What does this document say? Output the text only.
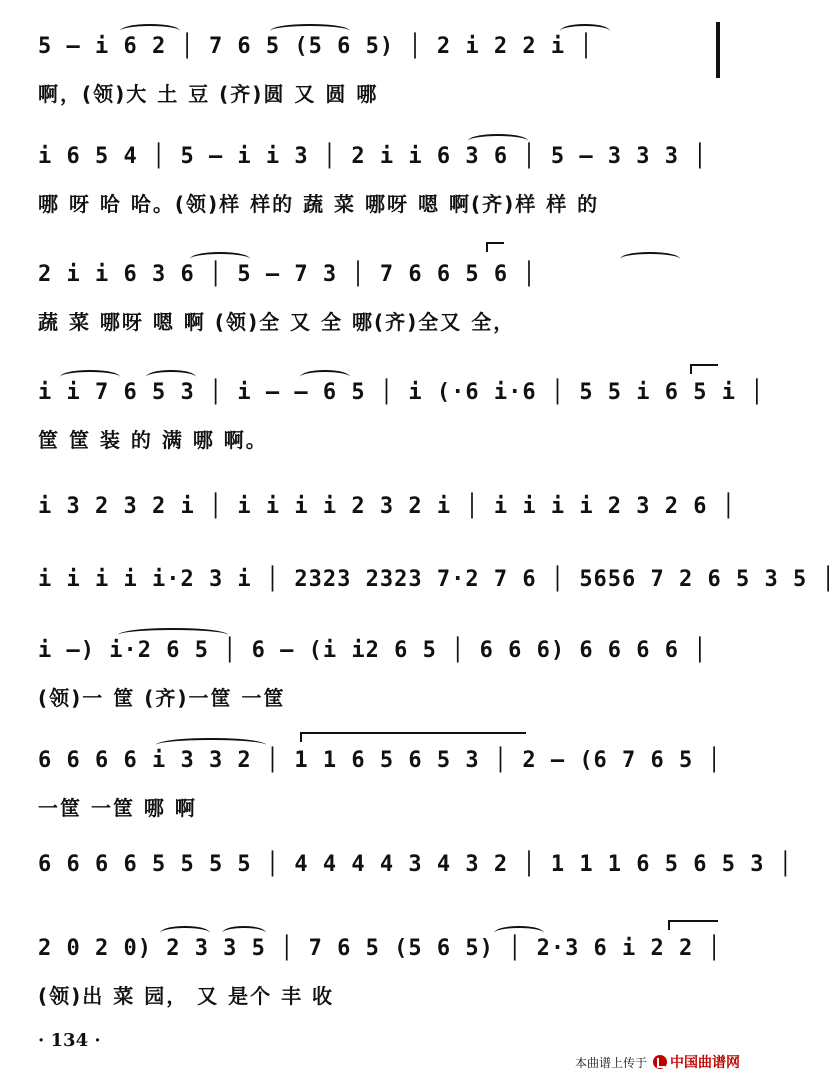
5 — i 6 2 │ 7 6 5 (5 6 5) │ 2 i 2 2 i │
啊，(领)大 土 豆 (齐)圆 又 圆 哪
i 6 5 4 │ 5 — i i 3 │ 2 i i 6 3 6 │ 5 — 3 3 3 │
哪 呀 哈 哈。(领)样 样的 蔬 菜 哪呀 嗯 啊(齐)样 样 的
2 i i 6 3 6 │ 5 — 7 3 │ 7 6 6 5 6 │
蔬 菜 哪呀 嗯 啊 (领)全 又 全 哪(齐)全又 全，
i i 7 6 5 3 │ i — — 6 5 │ i (·6 i·6 │ 5 5 i 6 5 i │
筐 筐 装 的 满 哪 啊。
i 3 2 3 2 i │ i i i i 2 3 2 i │ i i i i 2 3 2 6 │
i i i i i·2 3 i │ 2323 2323 7·2 7 6 │ 5656 7 2 6 5 3 5 │
i —) i·2 6 5 │ 6 — (i i2 6 5 │ 6 6 6) 6 6 6 6 │
(领)一 筐 (齐)一筐 一筐
6 6 6 6 i 3 3 2 │ 1 1 6 5 6 5 3 │ 2 — (6 7 6 5 │
一筐 一筐 哪 啊
6 6 6 6 5 5 5 5 │ 4 4 4 4 3 4 3 2 │ 1 1 1 6 5 6 5 3 │
2 0 2 0) 2 3 3 5 │ 7 6 5 (5 6 5) │ 2·3 6 i 2 2 │
(领)出 菜 园， 又 是个 丰 收
· 134 ·
本曲谱上传于 中国曲谱网
